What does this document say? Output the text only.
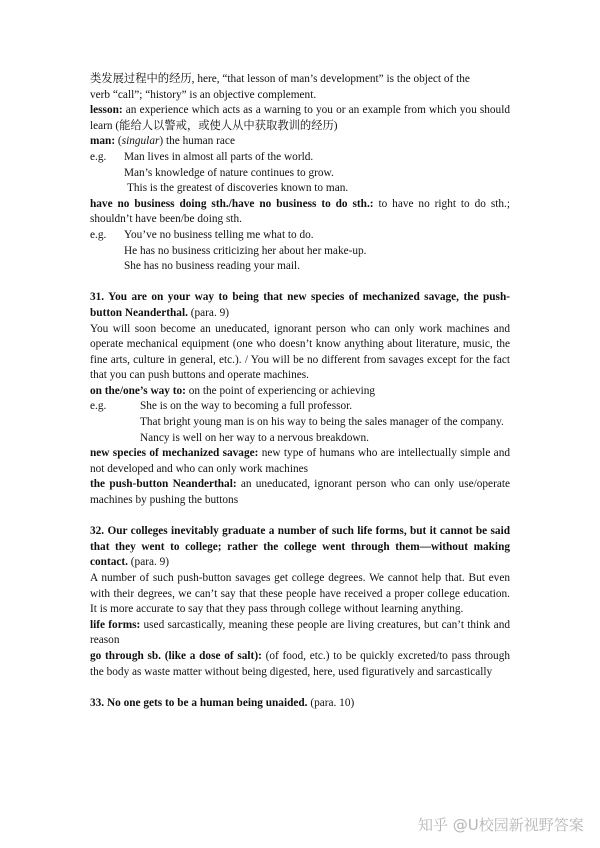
类发展过程中的经历, here, “that lesson of man’s development” is the object of the

verb “call”; “history” is an objective complement.

lesson: an experience which acts as a warning to you or an example from which you should learn (能给人以警戒，或使人从中获取教训的经历)

man: (singular) the human race

e.g.	Man lives in almost all parts of the world.

Man’s knowledge of nature continues to grow.

This is the greatest of discoveries known to man.

have no business doing sth./have no business to do sth.: to have no right to do sth.; shouldn’t have been/be doing sth.

e.g.	You’ve no business telling me what to do.

He has no business criticizing her about her make-up.

She has no business reading your mail.

31. You are on your way to being that new species of mechanized savage, the push-button Neanderthal. (para. 9)

You will soon become an uneducated, ignorant person who can only work machines and operate mechanical equipment (one who doesn’t know anything about literature, music, the fine arts, culture in general, etc.). / You will be no different from savages except for the fact that you can push buttons and operate machines.

on the/one’s way to: on the point of experiencing or achieving

e.g.	She is on the way to becoming a full professor.

That bright young man is on his way to being the sales manager of the company.

Nancy is well on her way to a nervous breakdown.

new species of mechanized savage: new type of humans who are intellectually simple and not developed and who can only work machines

the push-button Neanderthal: an uneducated, ignorant person who can only use/operate machines by pushing the buttons

32. Our colleges inevitably graduate a number of such life forms, but it cannot be said that they went to college; rather the college went through them—without making contact. (para. 9)

A number of such push-button savages get college degrees. We cannot help that. But even with their degrees, we can’t say that these people have received a proper college education. It is more accurate to say that they pass through college without learning anything.

life forms: used sarcastically, meaning these people are living creatures, but can’t think and reason

go through sb. (like a dose of salt): (of food, etc.) to be quickly excreted/to pass through the body as waste matter without being digested, here, used figuratively and sarcastically

33. No one gets to be a human being unaided. (para. 10)

知乎 @U校园新视野答案
